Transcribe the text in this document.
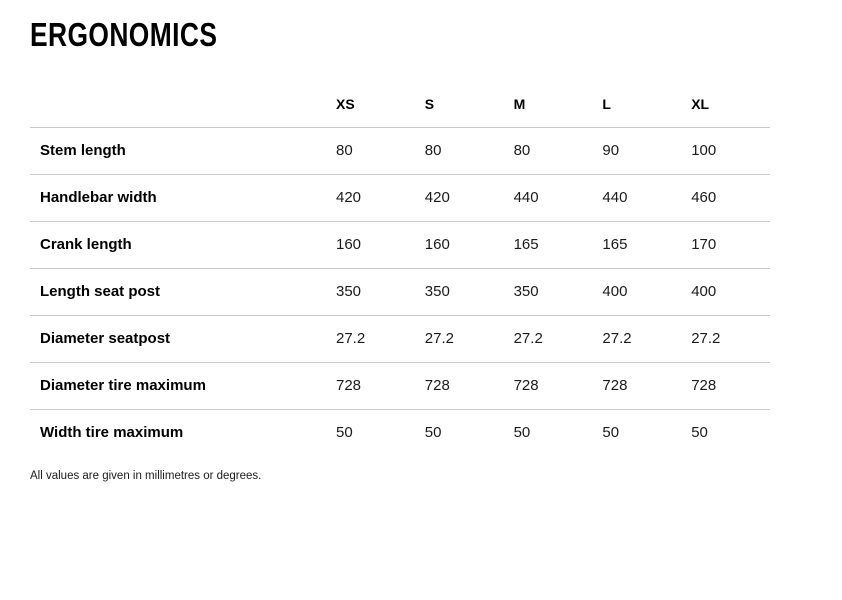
ERGONOMICS
	XS	S	M	L	XL
Stem length	80	80	80	90	100
Handlebar width	420	420	440	440	460
Crank length	160	160	165	165	170
Length seat post	350	350	350	400	400
Diameter seatpost	27.2	27.2	27.2	27.2	27.2
Diameter tire maximum	728	728	728	728	728
Width tire maximum	50	50	50	50	50

All values are given in millimetres or degrees.
